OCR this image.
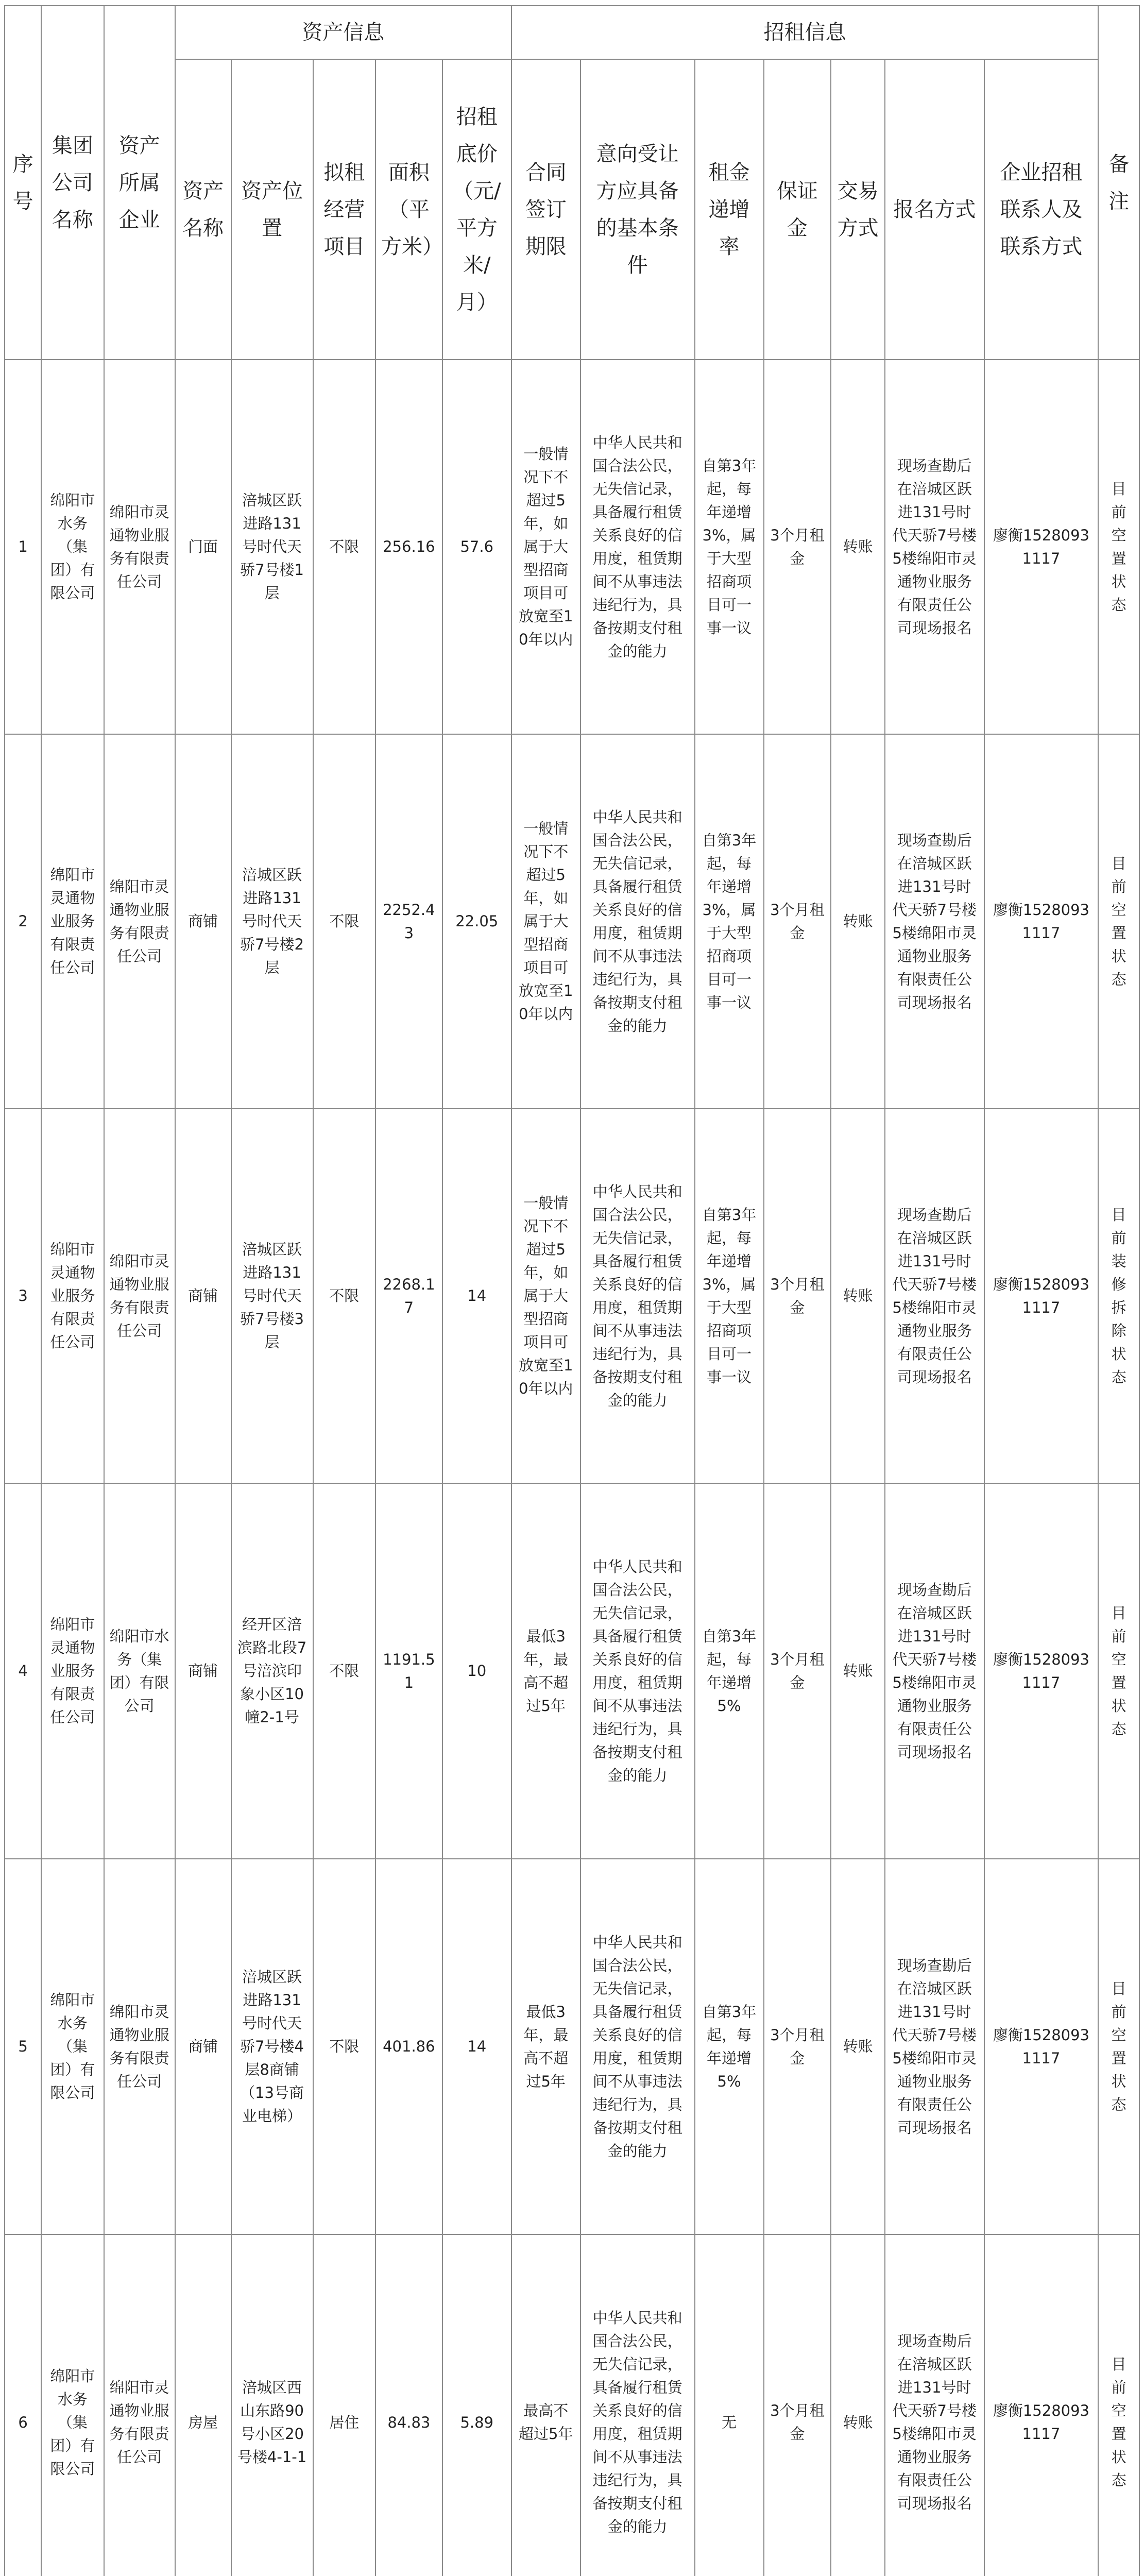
序号	集团公司名称	资产所属企业	资产信息					招租信息							备注
			资产名称	资产位置	拟租经营项目	面积（平方米）	招租底价（元/平方米/月）	合同签订期限	意向受让方应具备的基本条件	租金递增率	保证金	交易方式	报名方式	企业招租联系人及联系方式	
1	绵阳市水务（集团）有限公司	绵阳市灵通物业服务有限责任公司	门面	涪城区跃进路131号时代天骄7号楼1层	不限	256.16	57.6	一般情况下不超过5年，如属于大型招商项目可放宽至10年以内	中华人民共和国合法公民，无失信记录，具备履行租赁关系良好的信用度，租赁期间不从事违法违纪行为，具备按期支付租金的能力	自第3年起，每年递增3%，属于大型招商项目可一事一议	3个月租金	转账	现场查勘后在涪城区跃进131号时代天骄7号楼5楼绵阳市灵通物业服务有限责任公司现场报名	廖衡15280931117	目前空置状态
2	绵阳市灵通物业服务有限责任公司	绵阳市灵通物业服务有限责任公司	商铺	涪城区跃进路131号时代天骄7号楼2层	不限	2252.43	22.05	一般情况下不超过5年，如属于大型招商项目可放宽至10年以内	中华人民共和国合法公民，无失信记录，具备履行租赁关系良好的信用度，租赁期间不从事违法违纪行为，具备按期支付租金的能力	自第3年起，每年递增3%，属于大型招商项目可一事一议	3个月租金	转账	现场查勘后在涪城区跃进131号时代天骄7号楼5楼绵阳市灵通物业服务有限责任公司现场报名	廖衡15280931117	目前空置状态
3	绵阳市灵通物业服务有限责任公司	绵阳市灵通物业服务有限责任公司	商铺	涪城区跃进路131号时代天骄7号楼3层	不限	2268.17	14	一般情况下不超过5年，如属于大型招商项目可放宽至10年以内	中华人民共和国合法公民，无失信记录，具备履行租赁关系良好的信用度，租赁期间不从事违法违纪行为，具备按期支付租金的能力	自第3年起，每年递增3%，属于大型招商项目可一事一议	3个月租金	转账	现场查勘后在涪城区跃进131号时代天骄7号楼5楼绵阳市灵通物业服务有限责任公司现场报名	廖衡15280931117	目前装修拆除状态
4	绵阳市灵通物业服务有限责任公司	绵阳市水务（集团）有限公司	商铺	经开区涪滨路北段7号涪滨印象小区10幢2-1号	不限	1191.51	10	最低3年，最高不超过5年	中华人民共和国合法公民，无失信记录，具备履行租赁关系良好的信用度，租赁期间不从事违法违纪行为，具备按期支付租金的能力	自第3年起，每年递增5%	3个月租金	转账	现场查勘后在涪城区跃进131号时代天骄7号楼5楼绵阳市灵通物业服务有限责任公司现场报名	廖衡15280931117	目前空置状态
5	绵阳市水务（集团）有限公司	绵阳市灵通物业服务有限责任公司	商铺	涪城区跃进路131号时代天骄7号楼4层8商铺（13号商业电梯）	不限	401.86	14	最低3年，最高不超过5年	中华人民共和国合法公民，无失信记录，具备履行租赁关系良好的信用度，租赁期间不从事违法违纪行为，具备按期支付租金的能力	自第3年起，每年递增5%	3个月租金	转账	现场查勘后在涪城区跃进131号时代天骄7号楼5楼绵阳市灵通物业服务有限责任公司现场报名	廖衡15280931117	目前空置状态
6	绵阳市水务（集团）有限公司	绵阳市灵通物业服务有限责任公司	房屋	涪城区西山东路90号小区20号楼4-1-1	居住	84.83	5.89	最高不超过5年	中华人民共和国合法公民，无失信记录，具备履行租赁关系良好的信用度，租赁期间不从事违法违纪行为，具备按期支付租金的能力	无	3个月租金	转账	现场查勘后在涪城区跃进131号时代天骄7号楼5楼绵阳市灵通物业服务有限责任公司现场报名	廖衡15280931117	目前空置状态
